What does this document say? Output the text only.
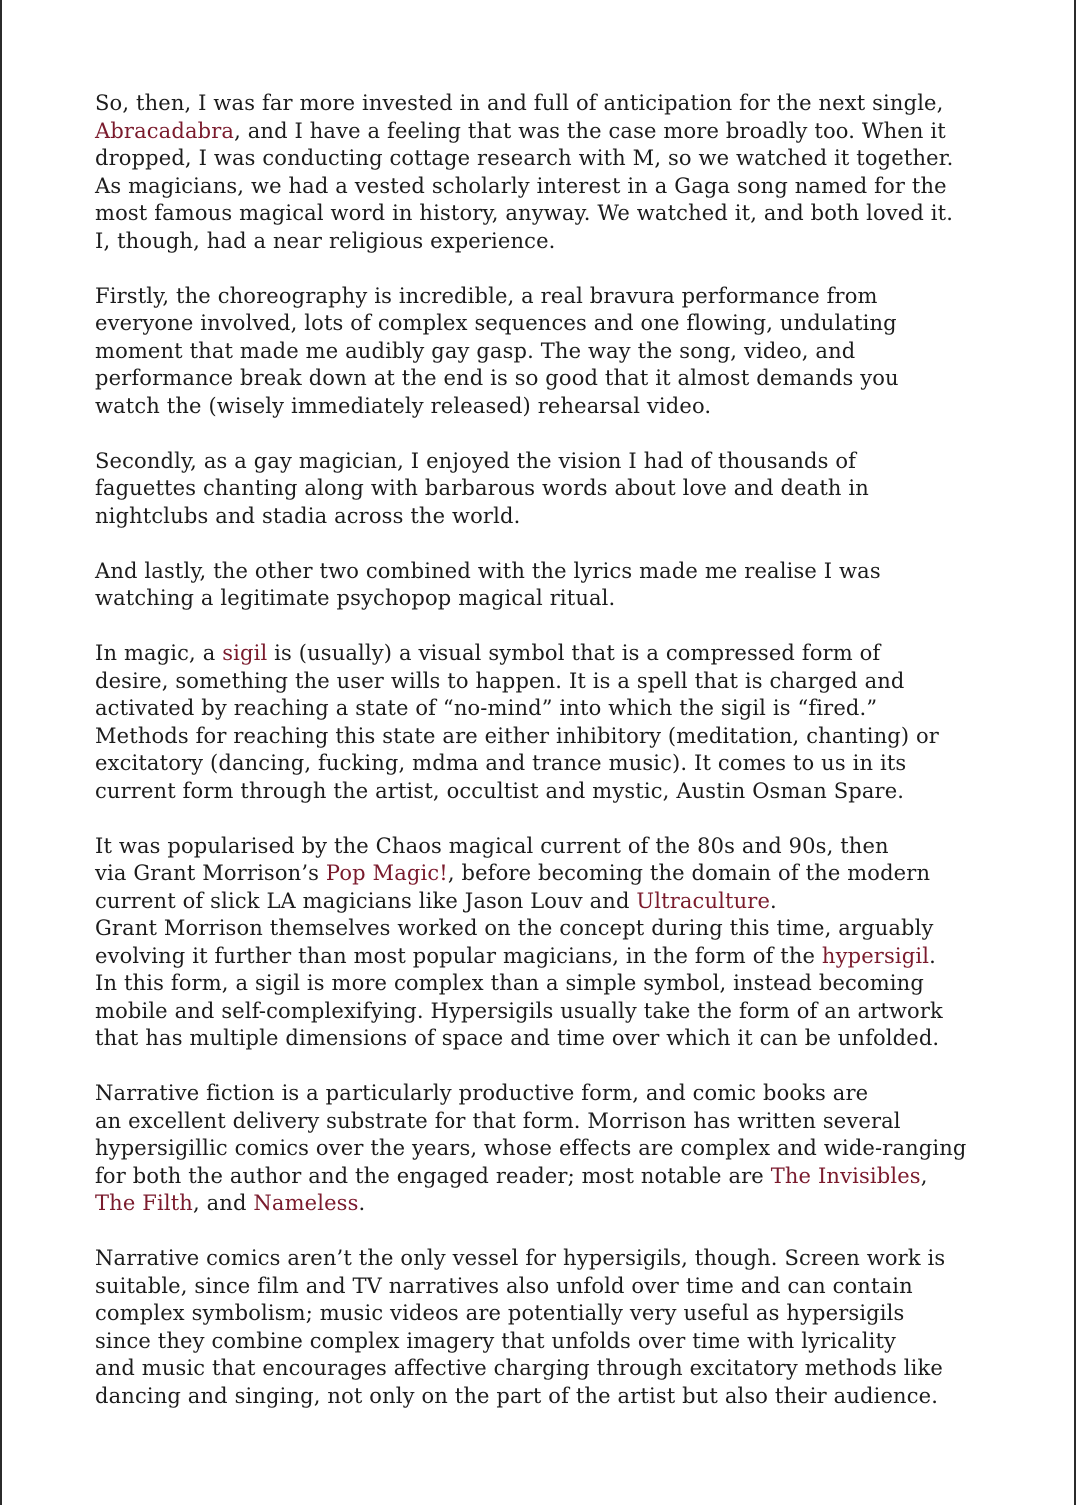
So, then, I was far more invested in and full of anticipation for the next single,
Abracadabra, and I have a feeling that was the case more broadly too. When it
dropped, I was conducting cottage research with M, so we watched it together.
As magicians, we had a vested scholarly interest in a Gaga song named for the
most famous magical word in history, anyway. We watched it, and both loved it.
I, though, had a near religious experience.

Firstly, the choreography is incredible, a real bravura performance from
everyone involved, lots of complex sequences and one flowing, undulating
moment that made me audibly gay gasp. The way the song, video, and
performance break down at the end is so good that it almost demands you
watch the (wisely immediately released) rehearsal video.

Secondly, as a gay magician, I enjoyed the vision I had of thousands of
faguettes chanting along with barbarous words about love and death in
nightclubs and stadia across the world.

And lastly, the other two combined with the lyrics made me realise I was
watching a legitimate psychopop magical ritual.

In magic, a sigil is (usually) a visual symbol that is a compressed form of
desire, something the user wills to happen. It is a spell that is charged and
activated by reaching a state of “no-mind” into which the sigil is “fired.”
Methods for reaching this state are either inhibitory (meditation, chanting) or
excitatory (dancing, fucking, mdma and trance music). It comes to us in its
current form through the artist, occultist and mystic, Austin Osman Spare.

It was popularised by the Chaos magical current of the 80s and 90s, then
via Grant Morrison’s Pop Magic!, before becoming the domain of the modern
current of slick LA magicians like Jason Louv and Ultraculture.
Grant Morrison themselves worked on the concept during this time, arguably
evolving it further than most popular magicians, in the form of the hypersigil.
In this form, a sigil is more complex than a simple symbol, instead becoming
mobile and self-complexifying. Hypersigils usually take the form of an artwork
that has multiple dimensions of space and time over which it can be unfolded.

Narrative fiction is a particularly productive form, and comic books are
an excellent delivery substrate for that form. Morrison has written several
hypersigillic comics over the years, whose effects are complex and wide-ranging
for both the author and the engaged reader; most notable are The Invisibles,
The Filth, and Nameless.

Narrative comics aren’t the only vessel for hypersigils, though. Screen work is
suitable, since film and TV narratives also unfold over time and can contain
complex symbolism; music videos are potentially very useful as hypersigils
since they combine complex imagery that unfolds over time with lyricality
and music that encourages affective charging through excitatory methods like
dancing and singing, not only on the part of the artist but also their audience.
